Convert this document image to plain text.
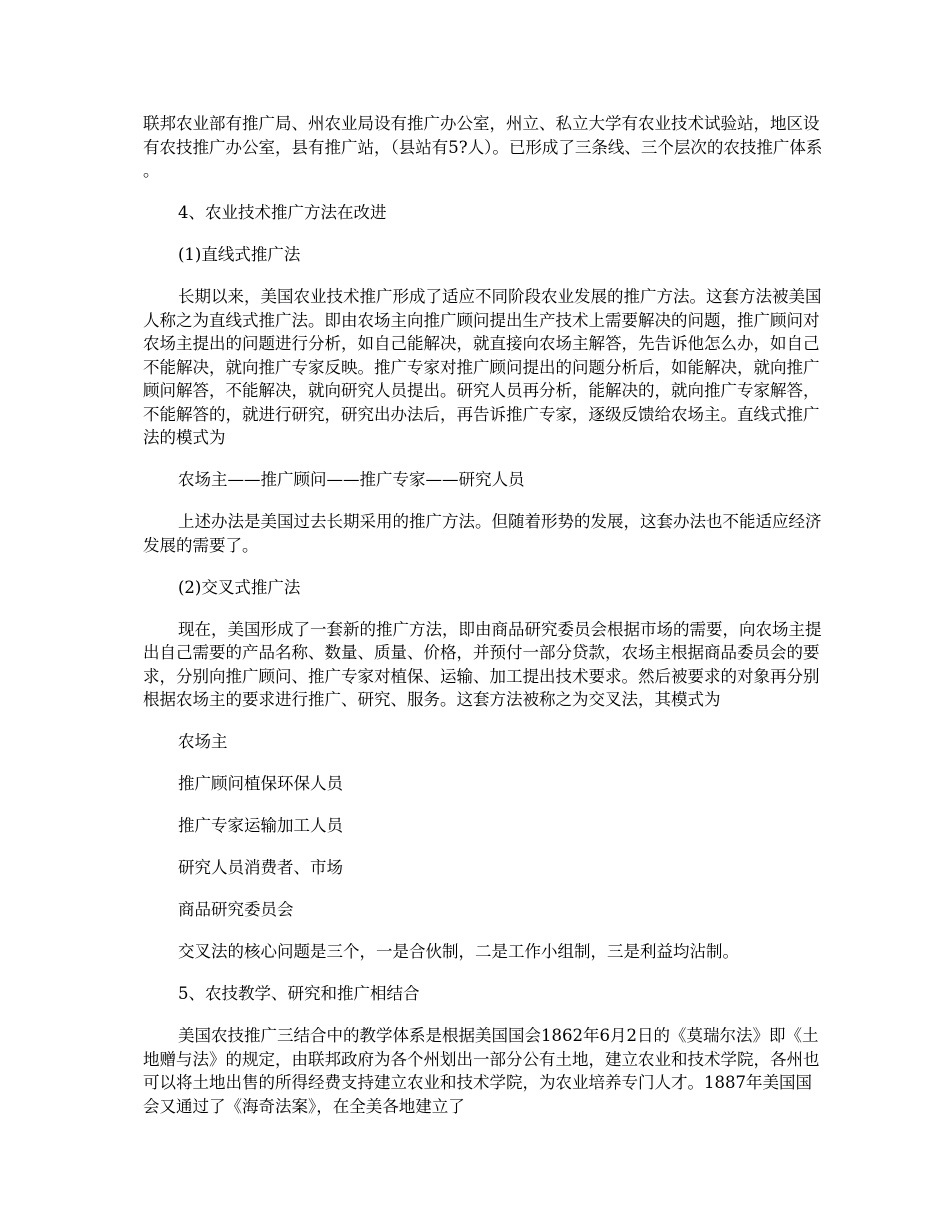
联邦农业部有推广局、州农业局设有推广办公室，州立、私立大学有农业技术试验站，地区设有农技推广办公室，县有推广站，（县站有5?人）。已形成了三条线、三个层次的农技推广体系。

4、农业技术推广方法在改进

(1)直线式推广法

长期以来，美国农业技术推广形成了适应不同阶段农业发展的推广方法。这套方法被美国人称之为直线式推广法。即由农场主向推广顾问提出生产技术上需要解决的问题，推广顾问对农场主提出的问题进行分析，如自己能解决，就直接向农场主解答，先告诉他怎么办，如自己不能解决，就向推广专家反映。推广专家对推广顾问提出的问题分析后，如能解决，就向推广顾问解答，不能解决，就向研究人员提出。研究人员再分析，能解决的，就向推广专家解答，不能解答的，就进行研究，研究出办法后，再告诉推广专家，逐级反馈给农场主。直线式推广法的模式为

农场主——推广顾问——推广专家——研究人员

上述办法是美国过去长期采用的推广方法。但随着形势的发展，这套办法也不能适应经济发展的需要了。

(2)交叉式推广法

现在，美国形成了一套新的推广方法，即由商品研究委员会根据市场的需要，向农场主提出自己需要的产品名称、数量、质量、价格，并预付一部分贷款，农场主根据商品委员会的要求，分别向推广顾问、推广专家对植保、运输、加工提出技术要求。然后被要求的对象再分别根据农场主的要求进行推广、研究、服务。这套方法被称之为交叉法，其模式为

农场主

推广顾问植保环保人员

推广专家运输加工人员

研究人员消费者、市场

商品研究委员会

交叉法的核心问题是三个，一是合伙制，二是工作小组制，三是利益均沾制。

5、农技教学、研究和推广相结合

美国农技推广三结合中的教学体系是根据美国国会1862年6月2日的《莫瑞尔法》即《土地赠与法》的规定，由联邦政府为各个州划出一部分公有土地，建立农业和技术学院，各州也可以将土地出售的所得经费支持建立农业和技术学院，为农业培养专门人才。1887年美国国会又通过了《海奇法案》，在全美各地建立了
